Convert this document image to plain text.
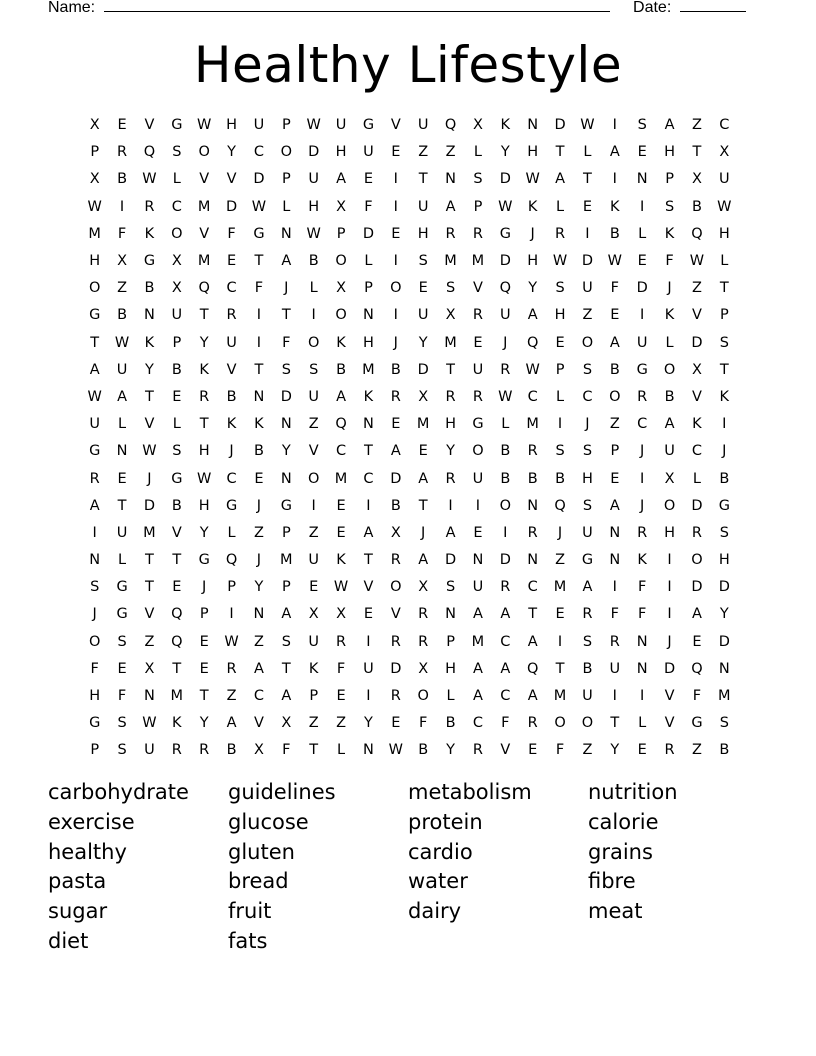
Name:	Date:
Healthy Lifestyle
X	E	V	G	W	H	U	P	W	U	G	V	U	Q	X	K	N	D	W	I	S	A	Z	C
P	R	Q	S	O	Y	C	O	D	H	U	E	Z	Z	L	Y	H	T	L	A	E	H	T	X
X	B	W	L	V	V	D	P	U	A	E	I	T	N	S	D	W	A	T	I	N	P	X	U
W	I	R	C	M	D	W	L	H	X	F	I	U	A	P	W	K	L	E	K	I	S	B	W
M	F	K	O	V	F	G	N	W	P	D	E	H	R	R	G	J	R	I	B	L	K	Q	H
H	X	G	X	M	E	T	A	B	O	L	I	S	M	M	D	H	W	D	W	E	F	W	L
O	Z	B	X	Q	C	F	J	L	X	P	O	E	S	V	Q	Y	S	U	F	D	J	Z	T
G	B	N	U	T	R	I	T	I	O	N	I	U	X	R	U	A	H	Z	E	I	K	V	P
T	W	K	P	Y	U	I	F	O	K	H	J	Y	M	E	J	Q	E	O	A	U	L	D	S
A	U	Y	B	K	V	T	S	S	B	M	B	D	T	U	R	W	P	S	B	G	O	X	T
W	A	T	E	R	B	N	D	U	A	K	R	X	R	R	W	C	L	C	O	R	B	V	K
U	L	V	L	T	K	K	N	Z	Q	N	E	M	H	G	L	M	I	J	Z	C	A	K	I
G	N	W	S	H	J	B	Y	V	C	T	A	E	Y	O	B	R	S	S	P	J	U	C	J
R	E	J	G	W	C	E	N	O	M	C	D	A	R	U	B	B	B	H	E	I	X	L	B
A	T	D	B	H	G	J	G	I	E	I	B	T	I	I	O	N	Q	S	A	J	O	D	G
I	U	M	V	Y	L	Z	P	Z	E	A	X	J	A	E	I	R	J	U	N	R	H	R	S
N	L	T	T	G	Q	J	M	U	K	T	R	A	D	N	D	N	Z	G	N	K	I	O	H
S	G	T	E	J	P	Y	P	E	W	V	O	X	S	U	R	C	M	A	I	F	I	D	D
J	G	V	Q	P	I	N	A	X	X	E	V	R	N	A	A	T	E	R	F	F	I	A	Y
O	S	Z	Q	E	W	Z	S	U	R	I	R	R	P	M	C	A	I	S	R	N	J	E	D
F	E	X	T	E	R	A	T	K	F	U	D	X	H	A	A	Q	T	B	U	N	D	Q	N
H	F	N	M	T	Z	C	A	P	E	I	R	O	L	A	C	A	M	U	I	I	V	F	M
G	S	W	K	Y	A	V	X	Z	Z	Y	E	F	B	C	F	R	O	O	T	L	V	G	S
P	S	U	R	R	B	X	F	T	L	N	W	B	Y	R	V	E	F	Z	Y	E	R	Z	B
carbohydrate	guidelines	metabolism	nutrition
exercise	glucose	protein	calorie
healthy	gluten	cardio	grains
pasta	bread	water	fibre
sugar	fruit	dairy	meat
diet	fats
